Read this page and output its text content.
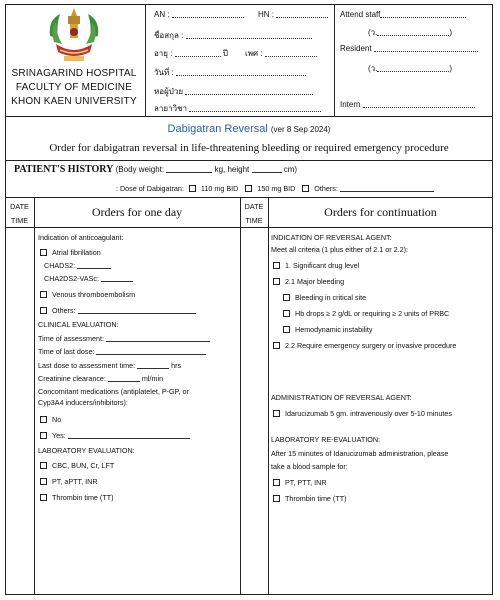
SRINAGARIND HOSPITAL
FACULTY OF MEDICINE
KHON KAEN UNIVERSITY
AN :	HN :
ชื่อสกุล :
อายุ :	ปี เพศ :
วันที่ :
หอผู้ป่วย
ลายาวิชา
Attend staff
(ว.	)
Resident
(ว.	)
Intern
Dabigatran Reversal (ver 8 Sep 2024)
Order for dabigatran reversal in life-threatening bleeding or required emergency procedure
PATIENT'S HISTORY (Body weight:	kg, height	cm)
: Dose of Dabigatran: 110 mg BID	150 mg BID	Others:
DATE
TIME
Orders for one day	DATE
TIME
Orders for continuation
Indication of anticoagulant:
Atrial fibrillation
CHADS2:
CHA2DS2-VASc:
Venous thromboembolism
Others:
CLINICAL EVALUATION:
Time of assessment:
Time of last dose:
Last dose to assessment time:	hrs
Creatinine clearance:	ml/min
Concomitant medications (antiplatelet, P-GP, or
Cyp3A4 inducers/inhibitors):
No
Yes:
LABORATORY EVALUATION:
CBC, BUN, Cr, LFT
PT, aPTT, INR
Thrombin time (TT)
INDICATION OF REVERSAL AGENT:
Meet all criteria (1 plus either of 2.1 or 2.2):
1. Significant drug level
2.1 Major bleeding
Bleeding in critical site
Hb drops ≥ 2 g/dL or requiring ≥ 2 units of PRBC
Hemodynamic instability
2.2 Require emergency surgery or invasive procedure
ADMINISTRATION OF REVERSAL AGENT:
Idarucizumab 5 gm. intravenously over 5-10 minutes
LABORATORY RE-EVALUATION:
After 15 minutes of Idarucizumab administration, please
take a blood sample for:
PT, PTT, INR
Thrombin time (TT)
